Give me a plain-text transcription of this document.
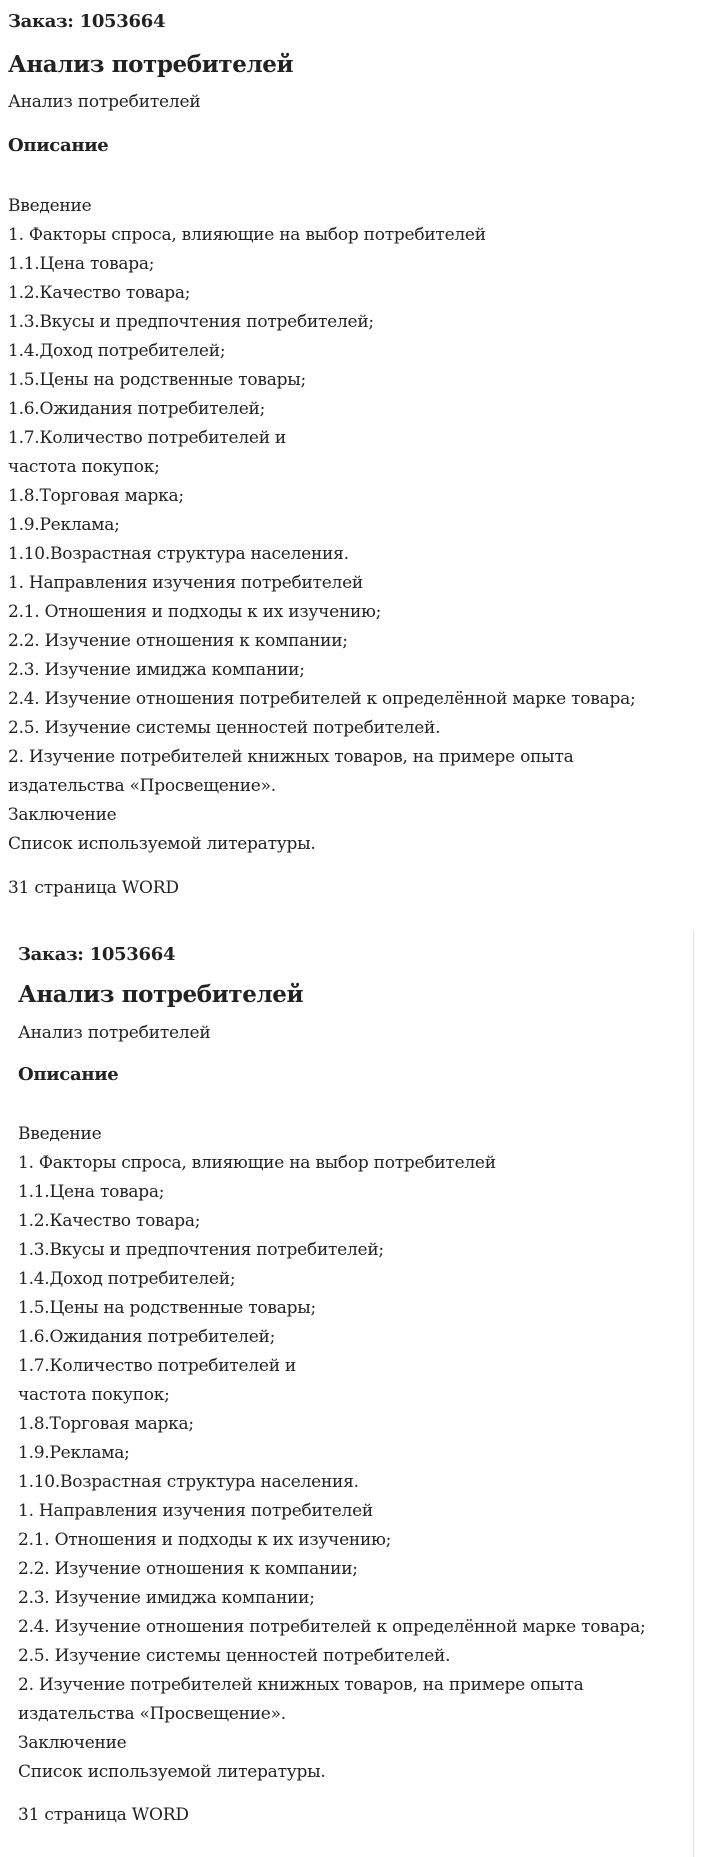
Заказ: 1053664

Анализ потребителей

Анализ потребителей

Описание
Введение
1. Факторы спроса, влияющие на выбор потребителей
1.1.Цена товара;
1.2.Качество товара;
1.3.Вкусы и предпочтения потребителей;
1.4.Доход потребителей;
1.5.Цены на родственные товары;
1.6.Ожидания потребителей;
1.7.Количество потребителей и
частота покупок;
1.8.Торговая марка;
1.9.Реклама;
1.10.Возрастная структура населения.
1. Направления изучения потребителей
2.1. Отношения и подходы к их изучению;
2.2. Изучение отношения к компании;
2.3. Изучение имиджа компании;
2.4. Изучение отношения потребителей к определённой марке товара;
2.5. Изучение системы ценностей потребителей.
2. Изучение потребителей книжных товаров, на примере опыта
издательства «Просвещение».
Заключение
Список используемой литературы.

31 страница WORD

Заказ: 1053664

Анализ потребителей

Анализ потребителей

Описание
Введение
1. Факторы спроса, влияющие на выбор потребителей
1.1.Цена товара;
1.2.Качество товара;
1.3.Вкусы и предпочтения потребителей;
1.4.Доход потребителей;
1.5.Цены на родственные товары;
1.6.Ожидания потребителей;
1.7.Количество потребителей и
частота покупок;
1.8.Торговая марка;
1.9.Реклама;
1.10.Возрастная структура населения.
1. Направления изучения потребителей
2.1. Отношения и подходы к их изучению;
2.2. Изучение отношения к компании;
2.3. Изучение имиджа компании;
2.4. Изучение отношения потребителей к определённой марке товара;
2.5. Изучение системы ценностей потребителей.
2. Изучение потребителей книжных товаров, на примере опыта
издательства «Просвещение».
Заключение
Список используемой литературы.

31 страница WORD
